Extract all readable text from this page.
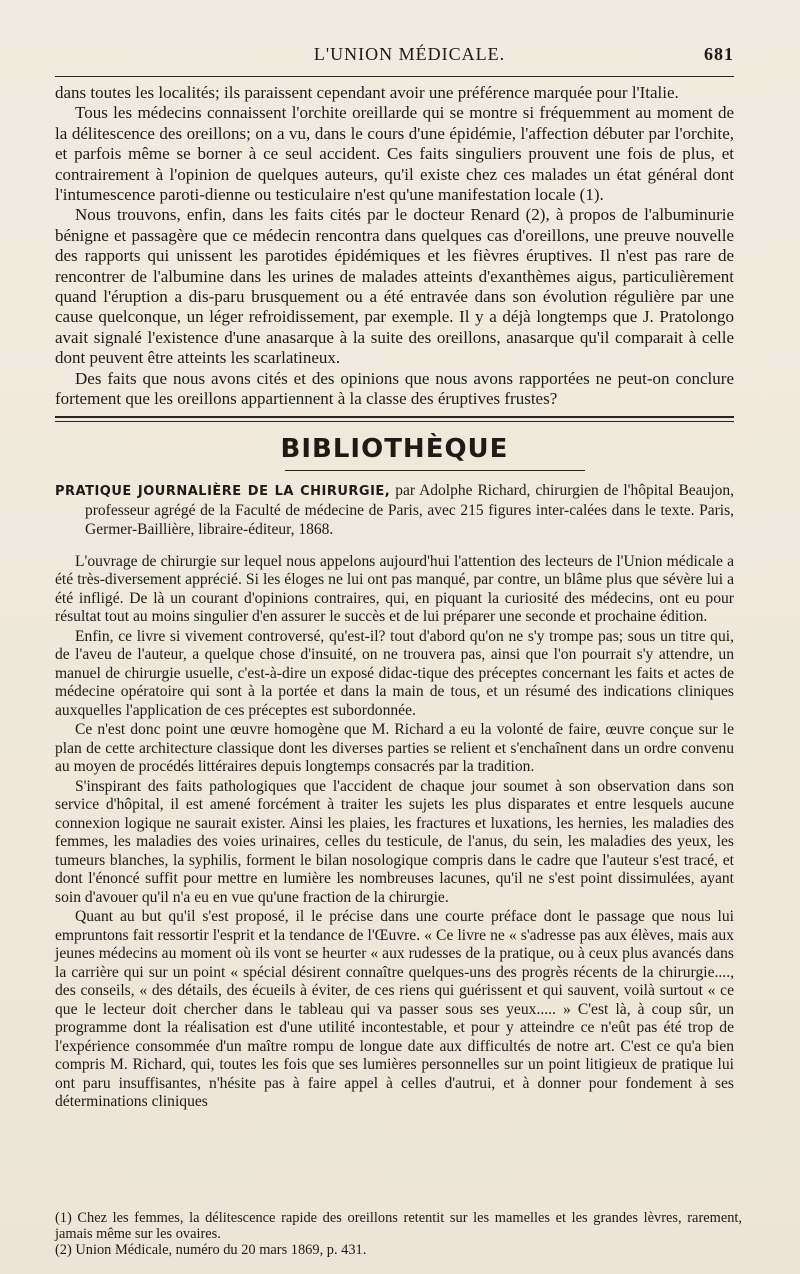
L'UNION MÉDICALE.	681

dans toutes les localités; ils paraissent cependant avoir une préférence marquée pour l'Italie.

Tous les médecins connaissent l'orchite oreillarde qui se montre si fréquemment au moment de la délitescence des oreillons; on a vu, dans le cours d'une épidémie, l'affection débuter par l'orchite, et parfois même se borner à ce seul accident. Ces faits singuliers prouvent une fois de plus, et contrairement à l'opinion de quelques auteurs, qu'il existe chez ces malades un état général dont l'intumescence paroti-dienne ou testiculaire n'est qu'une manifestation locale (1).

Nous trouvons, enfin, dans les faits cités par le docteur Renard (2), à propos de l'albuminurie bénigne et passagère que ce médecin rencontra dans quelques cas d'oreillons, une preuve nouvelle des rapports qui unissent les parotides épidémiques et les fièvres éruptives. Il n'est pas rare de rencontrer de l'albumine dans les urines de malades atteints d'exanthèmes aigus, particulièrement quand l'éruption a dis-paru brusquement ou a été entravée dans son évolution régulière par une cause quelconque, un léger refroidissement, par exemple. Il y a déjà longtemps que J. Pratolongo avait signalé l'existence d'une anasarque à la suite des oreillons, anasarque qu'il comparait à celle dont peuvent être atteints les scarlatineux.

Des faits que nous avons cités et des opinions que nous avons rapportées ne peut-on conclure fortement que les oreillons appartiennent à la classe des éruptives frustes?

BIBLIOTHÈQUE

PRATIQUE JOURNALIÈRE DE LA CHIRURGIE, par Adolphe Richard, chirurgien de l'hôpital Beaujon, professeur agrégé de la Faculté de médecine de Paris, avec 215 figures inter-calées dans le texte. Paris, Germer-Baillière, libraire-éditeur, 1868.

L'ouvrage de chirurgie sur lequel nous appelons aujourd'hui l'attention des lecteurs de l'Union médicale a été très-diversement apprécié. Si les éloges ne lui ont pas manqué, par contre, un blâme plus que sévère lui a été infligé. De là un courant d'opinions contraires, qui, en piquant la curiosité des médecins, ont eu pour résultat tout au moins singulier d'en assurer le succès et de lui préparer une seconde et prochaine édition.

Enfin, ce livre si vivement controversé, qu'est-il? tout d'abord qu'on ne s'y trompe pas; sous un titre qui, de l'aveu de l'auteur, a quelque chose d'insuité, on ne trouvera pas, ainsi que l'on pourrait s'y attendre, un manuel de chirurgie usuelle, c'est-à-dire un exposé didac-tique des préceptes concernant les faits et actes de médecine opératoire qui sont à la portée et dans la main de tous, et un résumé des indications cliniques auxquelles l'application de ces préceptes est subordonnée.

Ce n'est donc point une œuvre homogène que M. Richard a eu la volonté de faire, œuvre conçue sur le plan de cette architecture classique dont les diverses parties se relient et s'enchaînent dans un ordre convenu au moyen de procédés littéraires depuis longtemps consacrés par la tradition.

S'inspirant des faits pathologiques que l'accident de chaque jour soumet à son observation dans son service d'hôpital, il est amené forcément à traiter les sujets les plus disparates et entre lesquels aucune connexion logique ne saurait exister. Ainsi les plaies, les fractures et luxations, les hernies, les maladies des femmes, les maladies des voies urinaires, celles du testicule, de l'anus, du sein, les maladies des yeux, les tumeurs blanches, la syphilis, forment le bilan nosologique compris dans le cadre que l'auteur s'est tracé, et dont l'énoncé suffit pour mettre en lumière les nombreuses lacunes, qu'il ne s'est point dissimulées, ayant soin d'avouer qu'il n'a eu en vue qu'une fraction de la chirurgie.

Quant au but qu'il s'est proposé, il le précise dans une courte préface dont le passage que nous lui empruntons fait ressortir l'esprit et la tendance de l'Œuvre. « Ce livre ne « s'adresse pas aux élèves, mais aux jeunes médecins au moment où ils vont se heurter « aux rudesses de la pratique, ou à ceux plus avancés dans la carrière qui sur un point « spécial désirent connaître quelques-uns des progrès récents de la chirurgie...., des conseils, « des détails, des écueils à éviter, de ces riens qui guérissent et qui sauvent, voilà surtout « ce que le lecteur doit chercher dans le tableau qui va passer sous ses yeux..... » C'est là, à coup sûr, un programme dont la réalisation est d'une utilité incontestable, et pour y atteindre ce n'eût pas été trop de l'expérience consommée d'un maître rompu de longue date aux difficultés de notre art. C'est ce qu'a bien compris M. Richard, qui, toutes les fois que ses lumières personnelles sur un point litigieux de pratique lui ont paru insuffisantes, n'hésite pas à faire appel à celles d'autrui, et à donner pour fondement à ses déterminations cliniques

(1) Chez les femmes, la délitescence rapide des oreillons retentit sur les mamelles et les grandes lèvres, rarement, jamais même sur les ovaires.

(2) Union Médicale, numéro du 20 mars 1869, p. 431.
